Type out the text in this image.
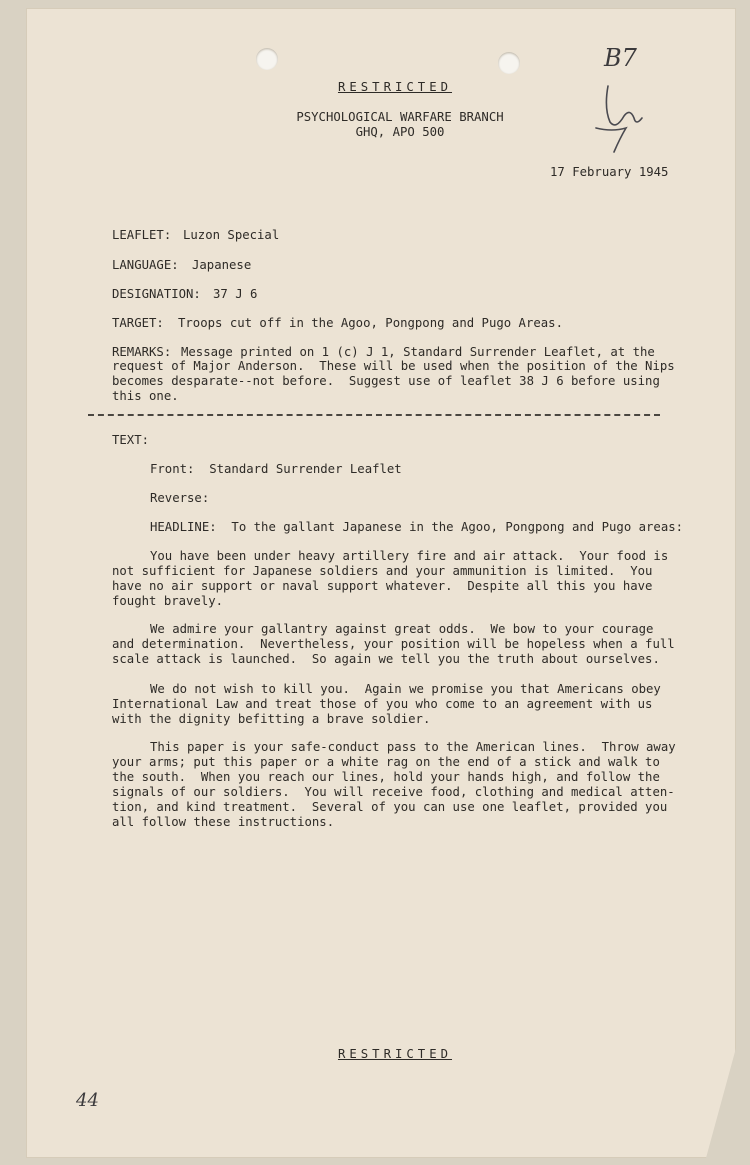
RESTRICTED
PSYCHOLOGICAL WARFARE BRANCH
GHQ, APO 500
B7
17 February 1945
LEAFLET: Luzon Special
LANGUAGE: Japanese
DESIGNATION: 37 J 6
TARGET: Troops cut off in the Agoo, Pongpong and Pugo Areas.
REMARKS: Message printed on 1 (c) J 1, Standard Surrender Leaflet, at the
request of Major Anderson.  These will be used when the position of the Nips
becomes desparate--not before.  Suggest use of leaflet 38 J 6 before using
this one.
TEXT:
Front:  Standard Surrender Leaflet
Reverse:
HEADLINE:  To the gallant Japanese in the Agoo, Pongpong and Pugo areas:
You have been under heavy artillery fire and air attack.  Your food is
not sufficient for Japanese soldiers and your ammunition is limited.  You
have no air support or naval support whatever.  Despite all this you have
fought bravely.
We admire your gallantry against great odds.  We bow to your courage
and determination.  Nevertheless, your position will be hopeless when a full
scale attack is launched.  So again we tell you the truth about ourselves.
We do not wish to kill you.  Again we promise you that Americans obey
International Law and treat those of you who come to an agreement with us
with the dignity befitting a brave soldier.
This paper is your safe-conduct pass to the American lines.  Throw away
your arms; put this paper or a white rag on the end of a stick and walk to
the south.  When you reach our lines, hold your hands high, and follow the
signals of our soldiers.  You will receive food, clothing and medical atten-
tion, and kind treatment.  Several of you can use one leaflet, provided you
all follow these instructions.
RESTRICTED
44
